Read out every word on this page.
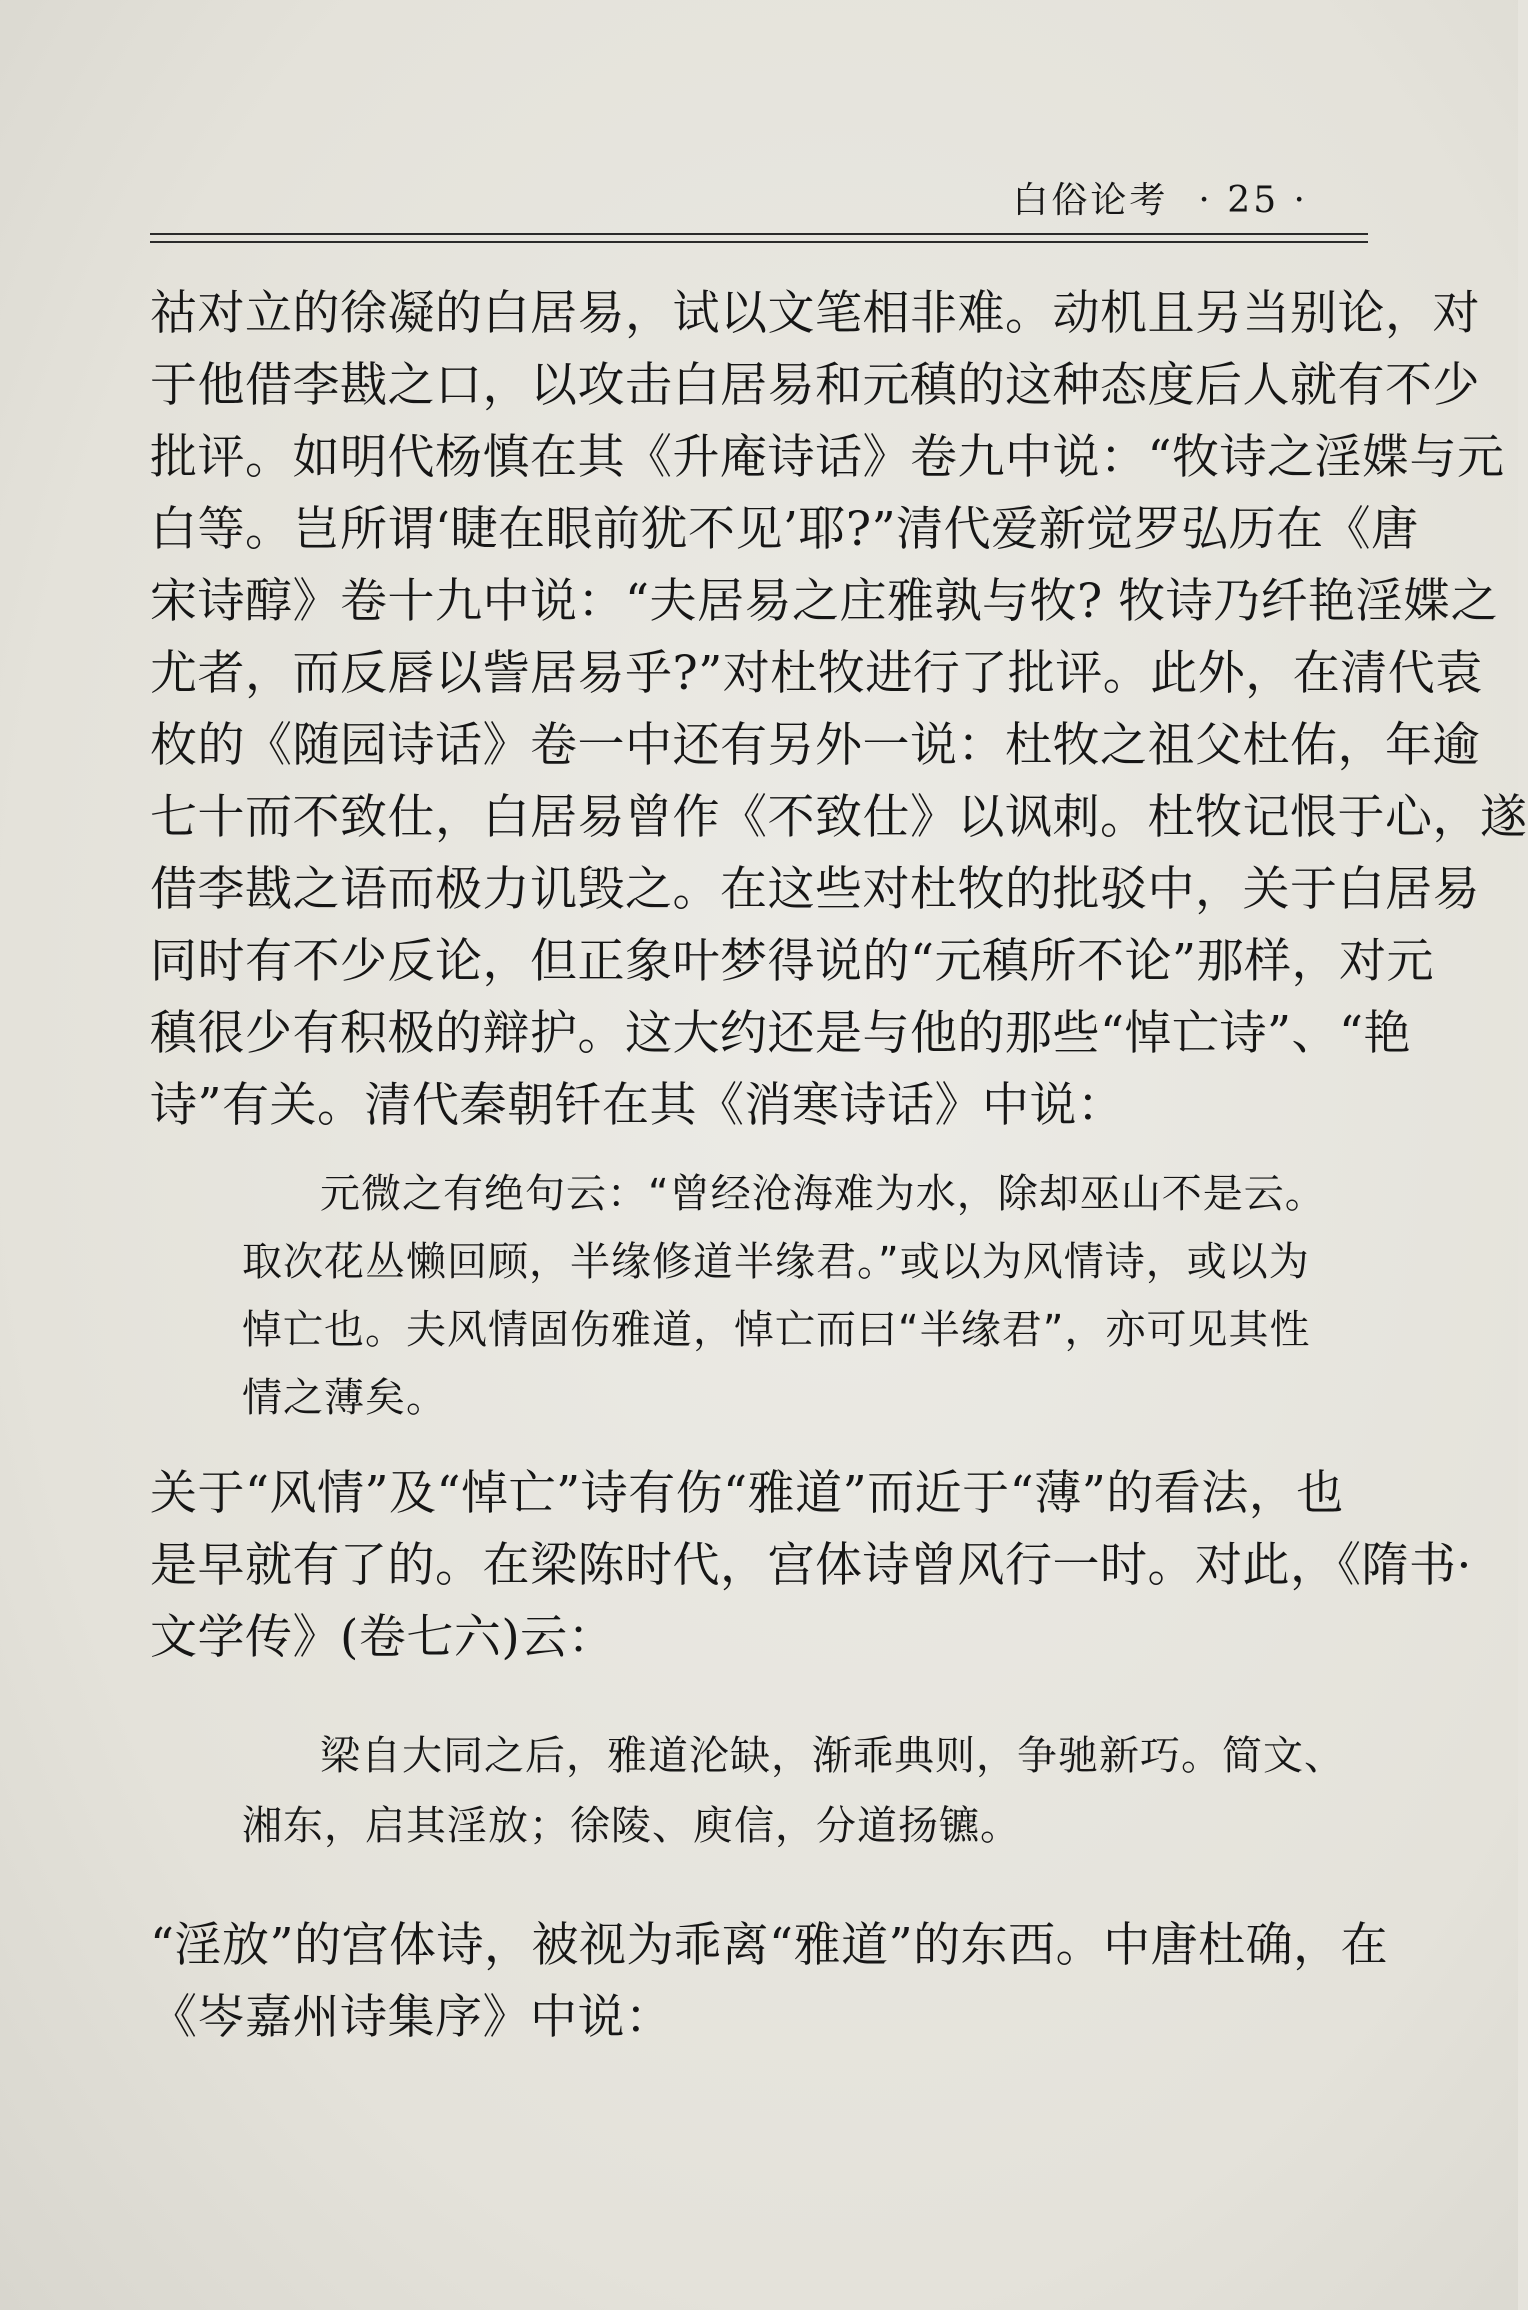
白俗论考 · 25 ·
祜对立的徐凝的白居易，试以文笔相非难。动机且另当别论，对
于他借李戡之口，以攻击白居易和元稹的这种态度后人就有不少
批评。如明代杨慎在其《升庵诗话》卷九中说：“牧诗之淫媟与元
白等。岂所谓‘睫在眼前犹不见’耶?”清代爱新觉罗弘历在《唐
宋诗醇》卷十九中说：“夫居易之庄雅孰与牧? 牧诗乃纤艳淫媟之
尤者，而反唇以訾居易乎?”对杜牧进行了批评。此外，在清代袁
枚的《随园诗话》卷一中还有另外一说：杜牧之祖父杜佑，年逾
七十而不致仕，白居易曾作《不致仕》以讽刺。杜牧记恨于心，遂
借李戡之语而极力讥毁之。在这些对杜牧的批驳中，关于白居易
同时有不少反论，但正象叶梦得说的“元稹所不论”那样，对元
稹很少有积极的辩护。这大约还是与他的那些“悼亡诗”、“艳
诗”有关。清代秦朝钎在其《消寒诗话》中说：
元微之有绝句云：“曾经沧海难为水，除却巫山不是云。
取次花丛懒回顾，半缘修道半缘君。”或以为风情诗，或以为
悼亡也。夫风情固伤雅道，悼亡而曰“半缘君”，亦可见其性
情之薄矣。
关于“风情”及“悼亡”诗有伤“雅道”而近于“薄”的看法，也
是早就有了的。在梁陈时代，宫体诗曾风行一时。对此，《隋书·
文学传》(卷七六)云：
梁自大同之后，雅道沦缺，渐乖典则，争驰新巧。简文、
湘东，启其淫放；徐陵、庾信，分道扬镳。
“淫放”的宫体诗，被视为乖离“雅道”的东西。中唐杜确，在
《岑嘉州诗集序》中说：
